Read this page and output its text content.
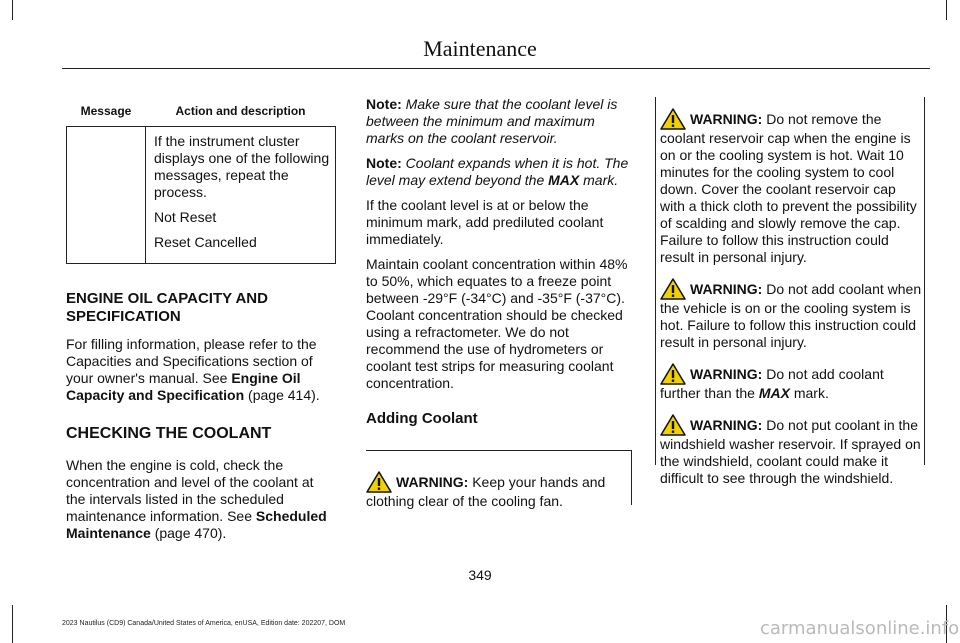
Maintenance
Message	Action and description

	If the instrument cluster displays one of the following messages, repeat the process.

Not Reset

Reset Cancelled

ENGINE OIL CAPACITY AND SPECIFICATION

For filling information, please refer to the Capacities and Specifications section of your owner's manual. See Engine Oil Capacity and Specification (page 414).

CHECKING THE COOLANT

When the engine is cold, check the concentration and level of the coolant at the intervals listed in the scheduled maintenance information. See Scheduled Maintenance (page 470).

Note: Make sure that the coolant level is between the minimum and maximum marks on the coolant reservoir.

Note: Coolant expands when it is hot. The level may extend beyond the MAX mark.

If the coolant level is at or below the minimum mark, add prediluted coolant immediately.

Maintain coolant concentration within 48% to 50%, which equates to a freeze point between -29°F (-34°C) and -35°F (-37°C). Coolant concentration should be checked using a refractometer. We do not recommend the use of hydrometers or coolant test strips for measuring coolant concentration.

Adding Coolant

WARNING: Keep your hands and clothing clear of the cooling fan.

WARNING: Do not remove the coolant reservoir cap when the engine is on or the cooling system is hot. Wait 10 minutes for the cooling system to cool down. Cover the coolant reservoir cap with a thick cloth to prevent the possibility of scalding and slowly remove the cap. Failure to follow this instruction could result in personal injury.

WARNING: Do not add coolant when the vehicle is on or the cooling system is hot. Failure to follow this instruction could result in personal injury.

WARNING: Do not add coolant further than the MAX mark.

WARNING: Do not put coolant in the windshield washer reservoir. If sprayed on the windshield, coolant could make it difficult to see through the windshield.

349
2023 Nautilus (CD9) Canada/United States of America, enUSA, Edition date: 202207, DOM	carmanualsonline.info
